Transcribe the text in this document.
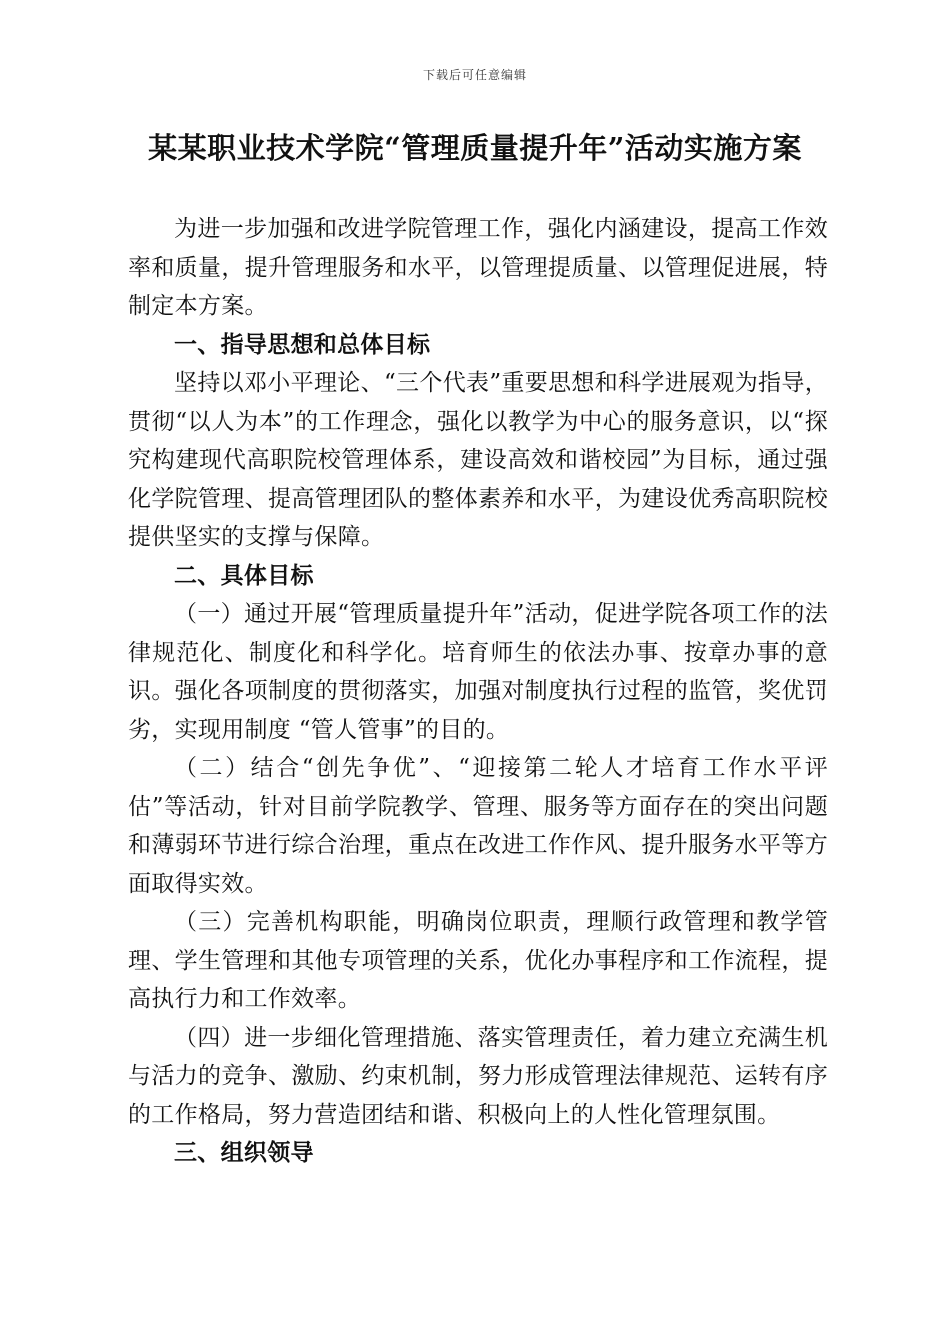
下载后可任意编辑
某某职业技术学院“管理质量提升年”活动实施方案

为进一步加强和改进学院管理工作，强化内涵建设，提高工作效率和质量，提升管理服务和水平，以管理提质量、以管理促进展，特制定本方案。

一、指导思想和总体目标

坚持以邓小平理论、“三个代表”重要思想和科学进展观为指导，贯彻“以人为本”的工作理念，强化以教学为中心的服务意识，以“探究构建现代高职院校管理体系，建设高效和谐校园”为目标，通过强化学院管理、提高管理团队的整体素养和水平，为建设优秀高职院校提供坚实的支撑与保障。

二、具体目标

（一）通过开展“管理质量提升年”活动，促进学院各项工作的法律规范化、制度化和科学化。培育师生的依法办事、按章办事的意识。强化各项制度的贯彻落实，加强对制度执行过程的监管，奖优罚劣，实现用制度 “管人管事”的目的。

（二）结合“创先争优”、“迎接第二轮人才培育工作水平评估”等活动，针对目前学院教学、管理、服务等方面存在的突出问题和薄弱环节进行综合治理，重点在改进工作作风、提升服务水平等方面取得实效。

（三）完善机构职能，明确岗位职责，理顺行政管理和教学管理、学生管理和其他专项管理的关系，优化办事程序和工作流程，提高执行力和工作效率。

（四）进一步细化管理措施、落实管理责任，着力建立充满生机与活力的竞争、激励、约束机制，努力形成管理法律规范、运转有序的工作格局，努力营造团结和谐、积极向上的人性化管理氛围。

三、组织领导
